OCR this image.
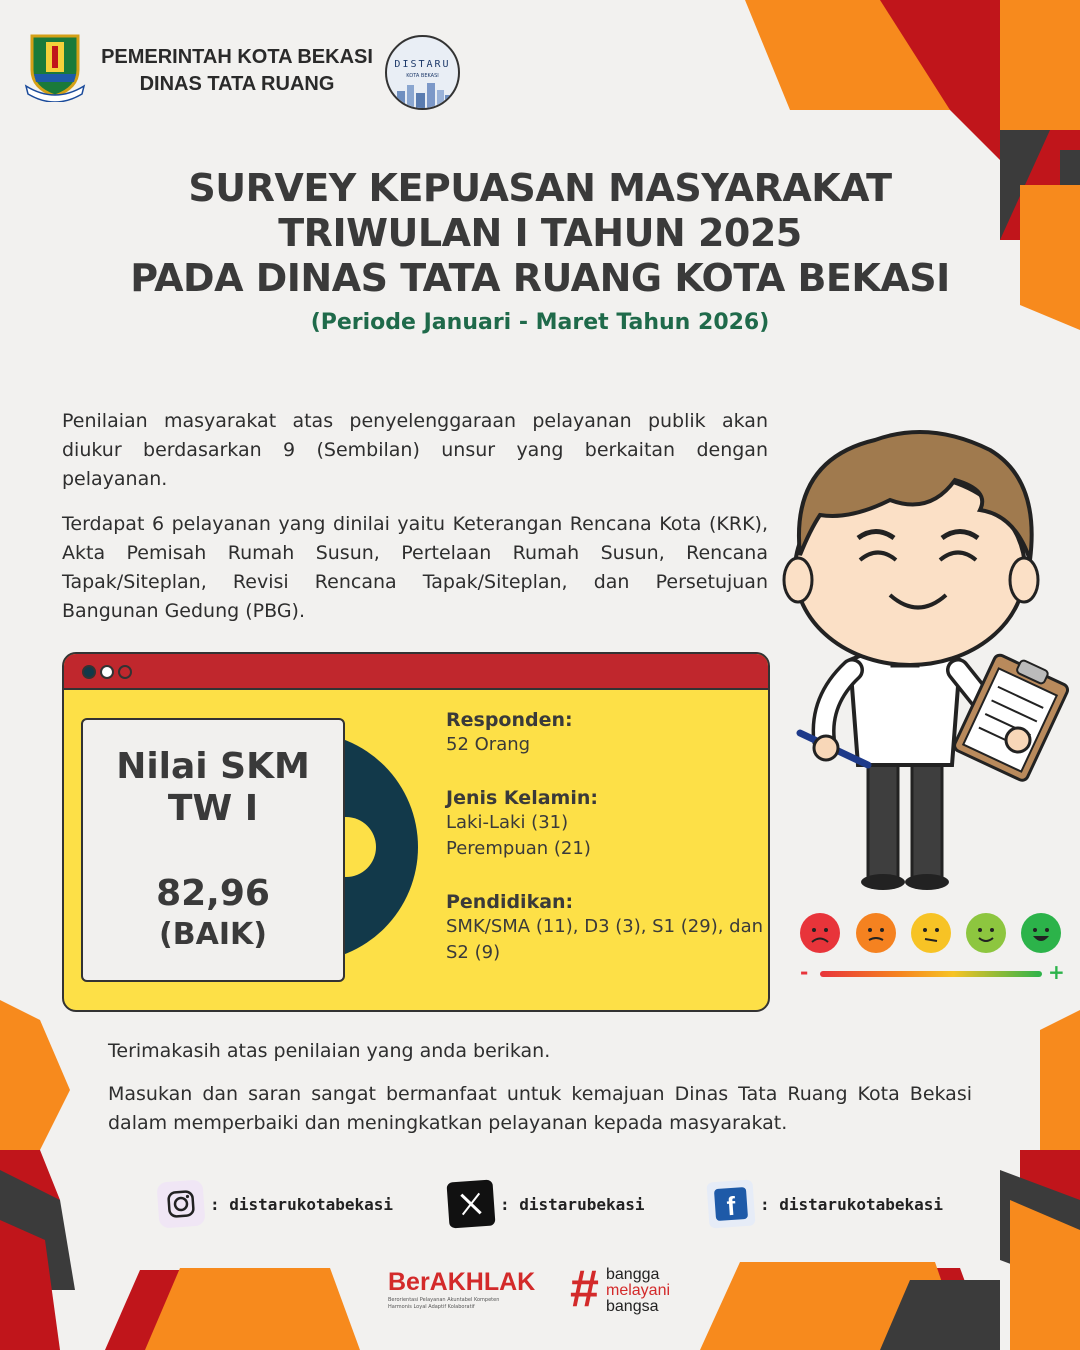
PEMERINTAH KOTA BEKASI
DINAS TATA RUANG
DISTARU
KOTA BEKASI
SURVEY KEPUASAN MASYARAKAT
TRIWULAN I TAHUN 2025
PADA DINAS TATA RUANG KOTA BEKASI
(Periode Januari - Maret Tahun 2026)
Penilaian masyarakat atas penyelenggaraan pelayanan publik akan diukur berdasarkan 9 (Sembilan) unsur yang berkaitan dengan pelayanan.
Terdapat 6 pelayanan yang dinilai yaitu Keterangan Rencana Kota (KRK), Akta Pemisah Rumah Susun, Pertelaan Rumah Susun, Rencana Tapak/Siteplan, Revisi Rencana Tapak/Siteplan, dan Persetujuan Bangunan Gedung (PBG).
Nilai SKM
TW I
82,96
(BAIK)
Responden:

52 Orang

Jenis Kelamin:

Laki-Laki (31)

Perempuan (21)

Pendidikan:

SMK/SMA (11), D3 (3), S1 (29), dan S2 (9)

-	+
Terimakasih atas penilaian yang anda berikan.
Masukan dan saran sangat bermanfaat untuk kemajuan Dinas Tata Ruang Kota Bekasi dalam memperbaiki dan meningkatkan pelayanan kepada masyarakat.
: distarukotabekasi	: distarubekasi	f	: distarukotabekasi
BerAKHLAK
Berorientasi Pelayanan Akuntabel Kompeten
Harmonis Loyal Adaptif Kolaboratif	# bangga
melayani
bangsa
